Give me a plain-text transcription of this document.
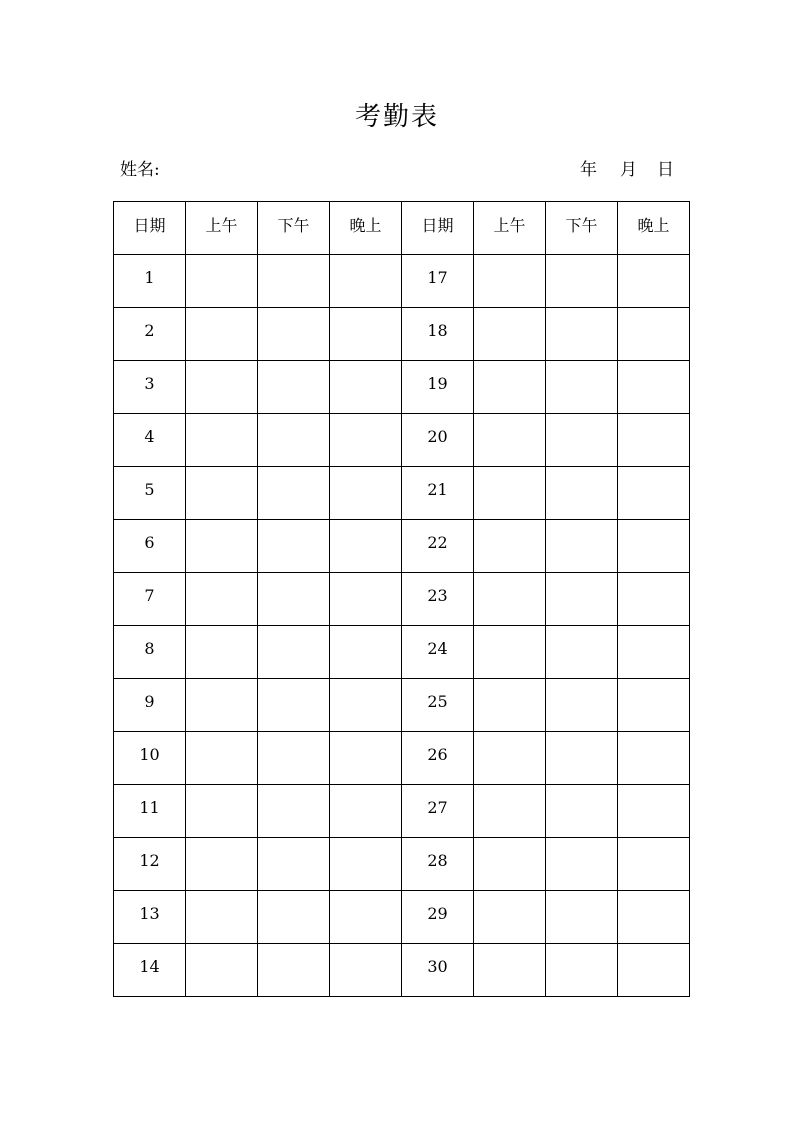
考勤表
姓名:	年 月 日
日期	上午	下午	晚上	日期	上午	下午	晚上
1				17			
2				18			
3				19			
4				20			
5				21			
6				22			
7				23			
8				24			
9				25			
10				26			
11				27			
12				28			
13				29			
14				30			
